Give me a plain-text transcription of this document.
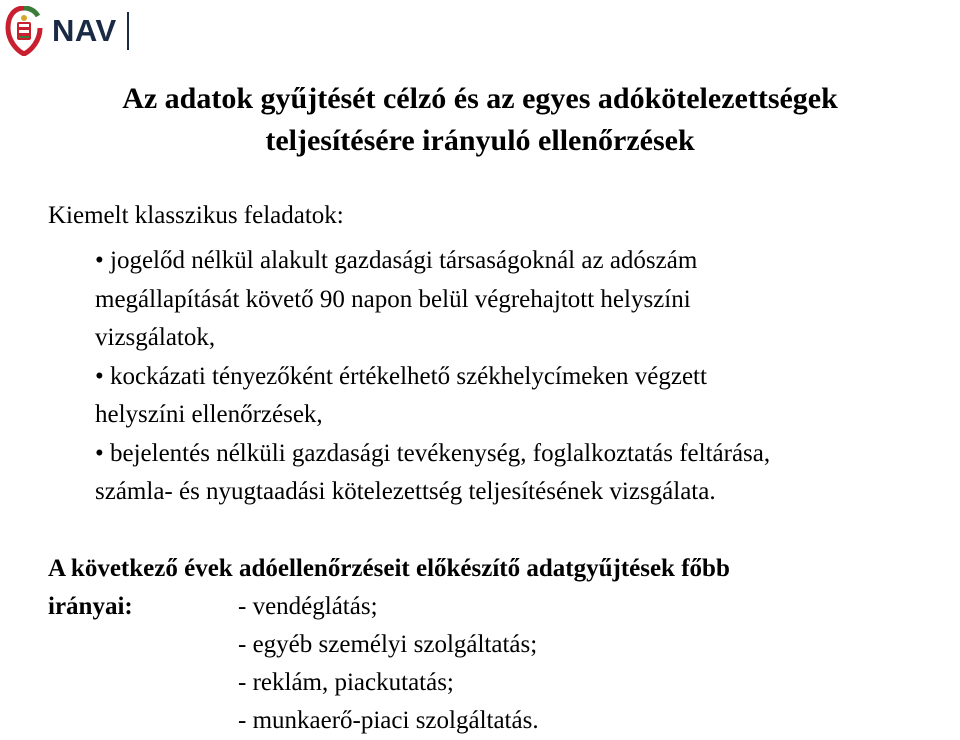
NAV
Az adatok gyűjtését célzó és az egyes adókötelezettségek
teljesítésére irányuló ellenőrzések
Kiemelt klasszikus feladatok:
• jogelőd nélkül alakult gazdasági társaságoknál az adószám
megállapítását követő 90 napon belül végrehajtott helyszíni
vizsgálatok,
• kockázati tényezőként értékelhető székhelycímeken végzett
helyszíni ellenőrzések,
• bejelentés nélküli gazdasági tevékenység, foglalkoztatás feltárása,
számla- és nyugtaadási kötelezettség teljesítésének vizsgálata.
A következő évek adóellenőrzéseit előkészítő adatgyűjtések főbb
irányai:	- vendéglátás;
- egyéb személyi szolgáltatás;
- reklám, piackutatás;
- munkaerő-piaci szolgáltatás.
